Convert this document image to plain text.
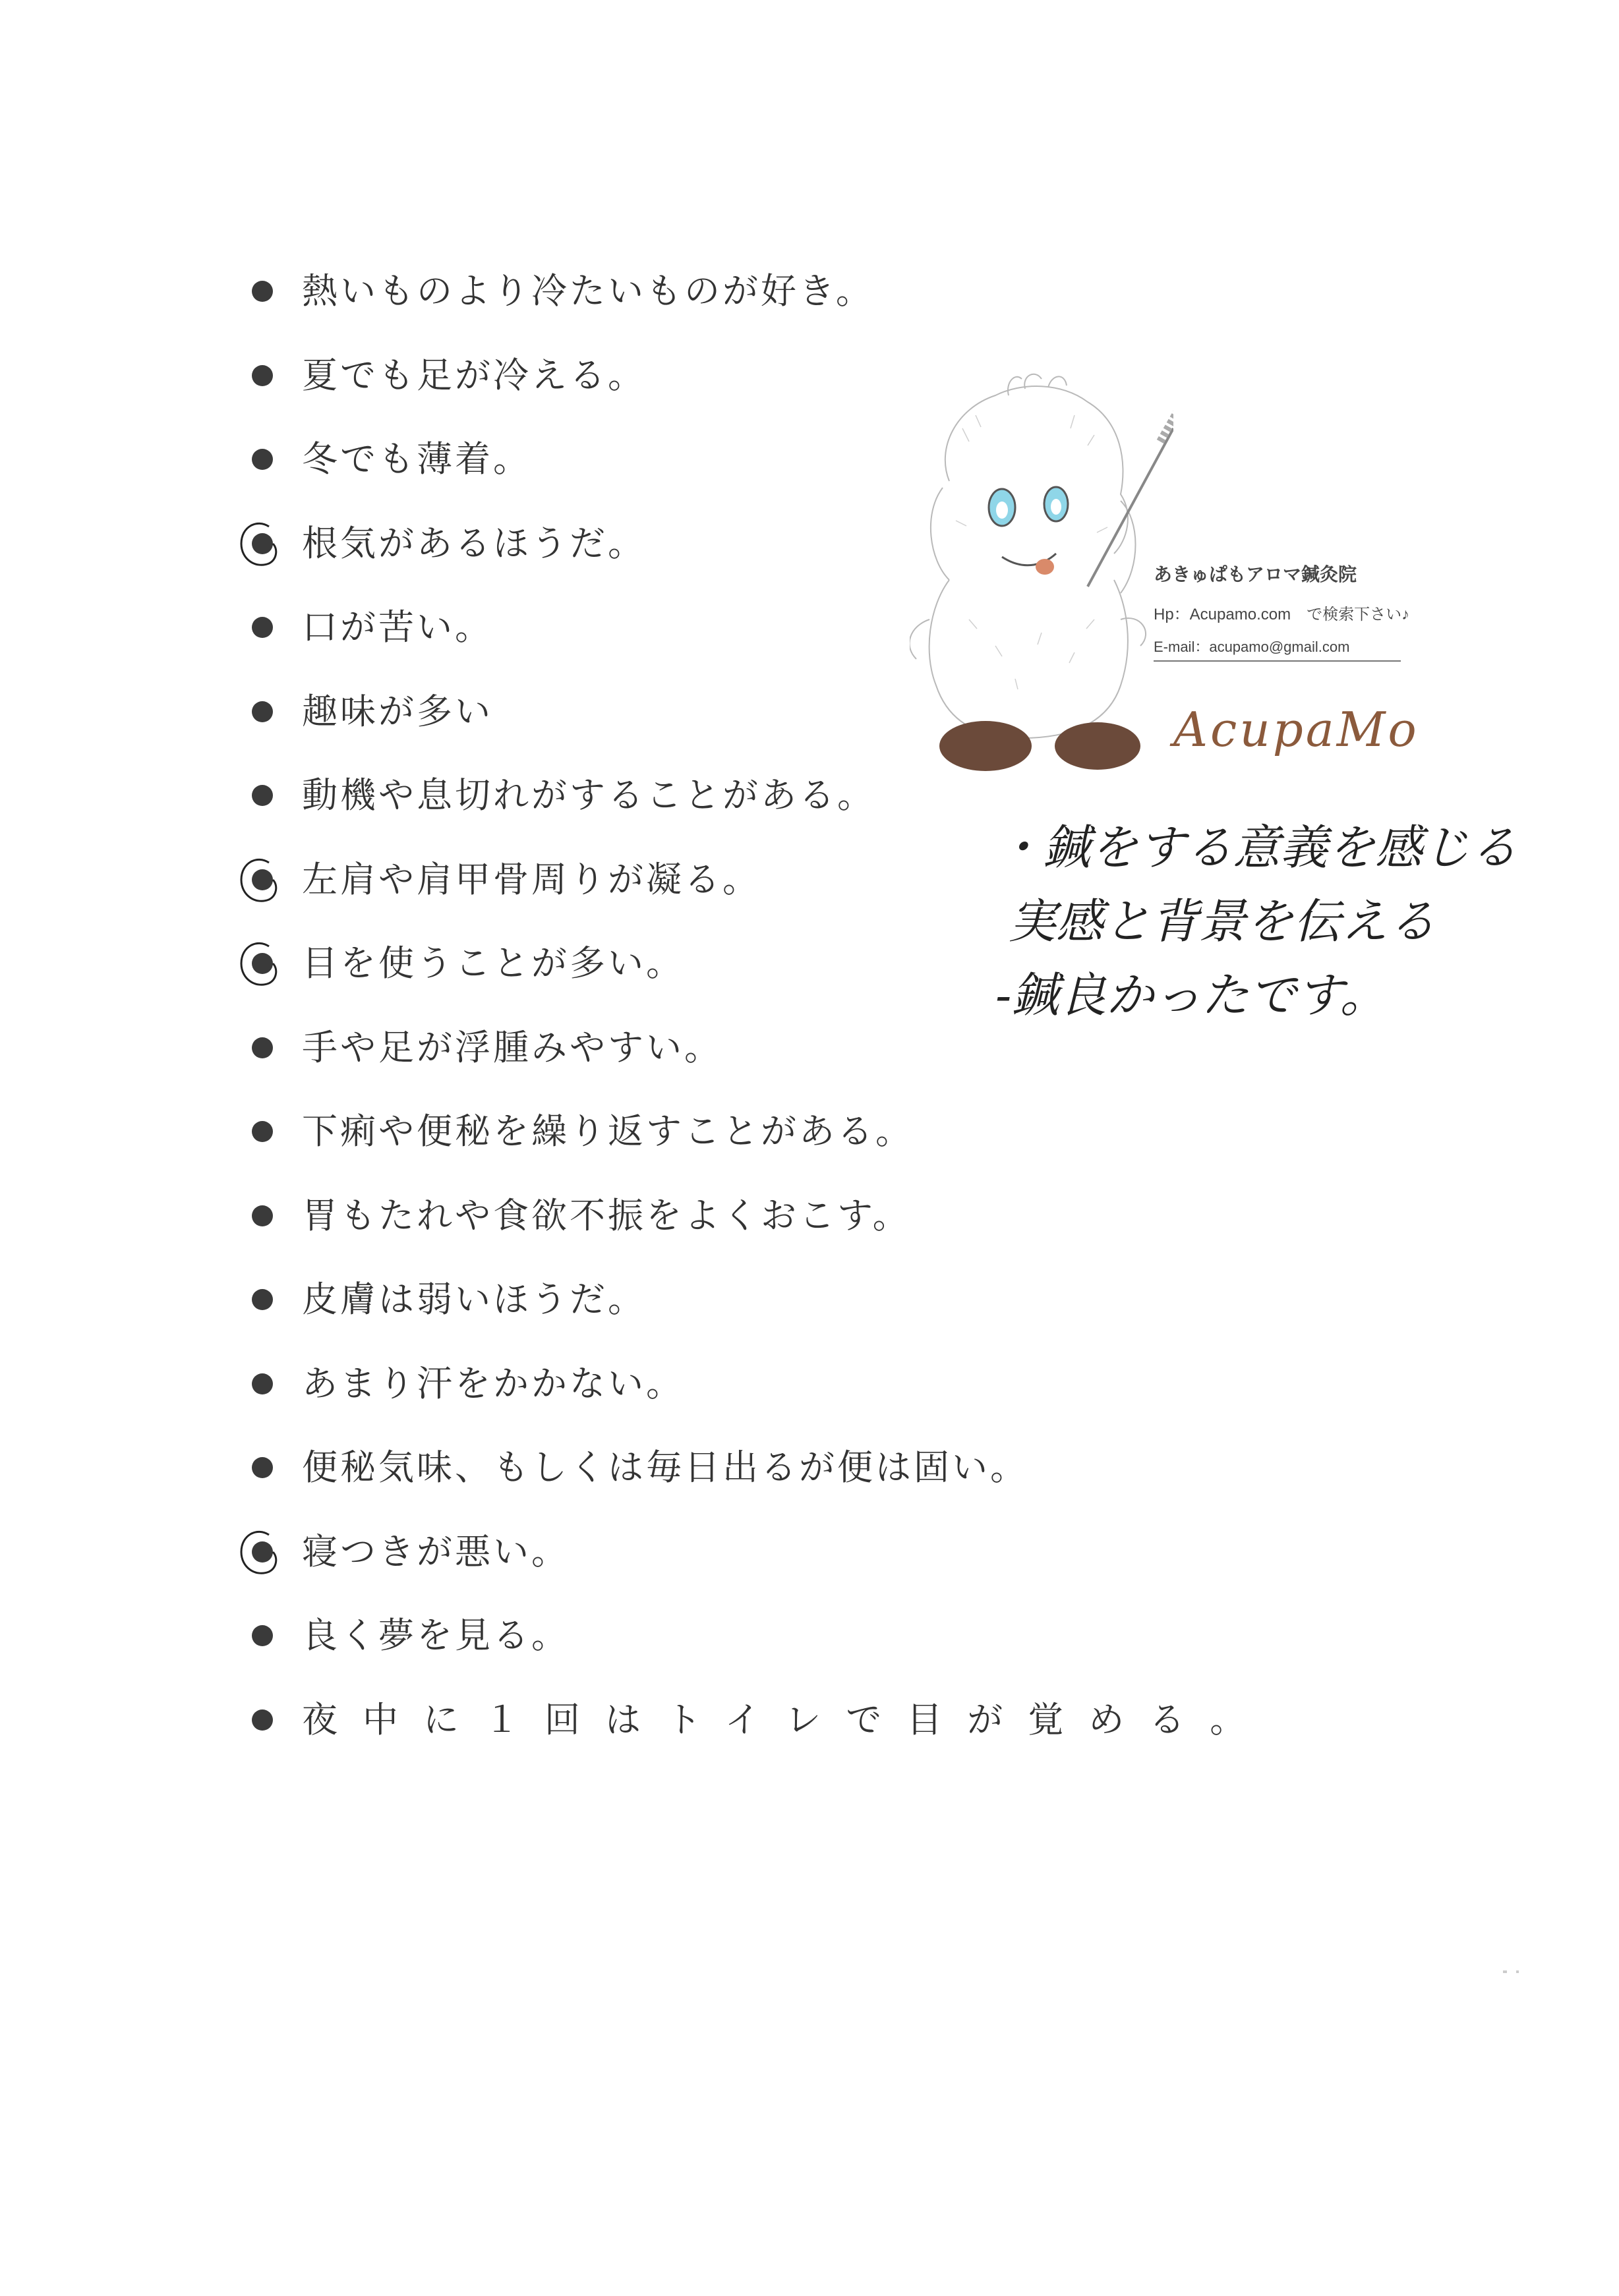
熱いものより冷たいものが好き。
夏でも足が冷える。
冬でも薄着。
根気があるほうだ。
口が苦い。
趣味が多い
動機や息切れがすることがある。
左肩や肩甲骨周りが凝る。
目を使うことが多い。
手や足が浮腫みやすい。
下痢や便秘を繰り返すことがある。
胃もたれや食欲不振をよくおこす。
皮膚は弱いほうだ。
あまり汗をかかない。
便秘気味、もしくは毎日出るが便は固い。
寝つきが悪い。
良く夢を見る。
夜中に１回はトイレで目が覚める。
あきゅぱもアロマ鍼灸院
Hp：Acupamo.com　で検索下さい♪
E-mail：acupamo@gmail.com
AcupaMo
・鍼をする意義を感じる
実感と背景を伝える
-鍼良かったです。
